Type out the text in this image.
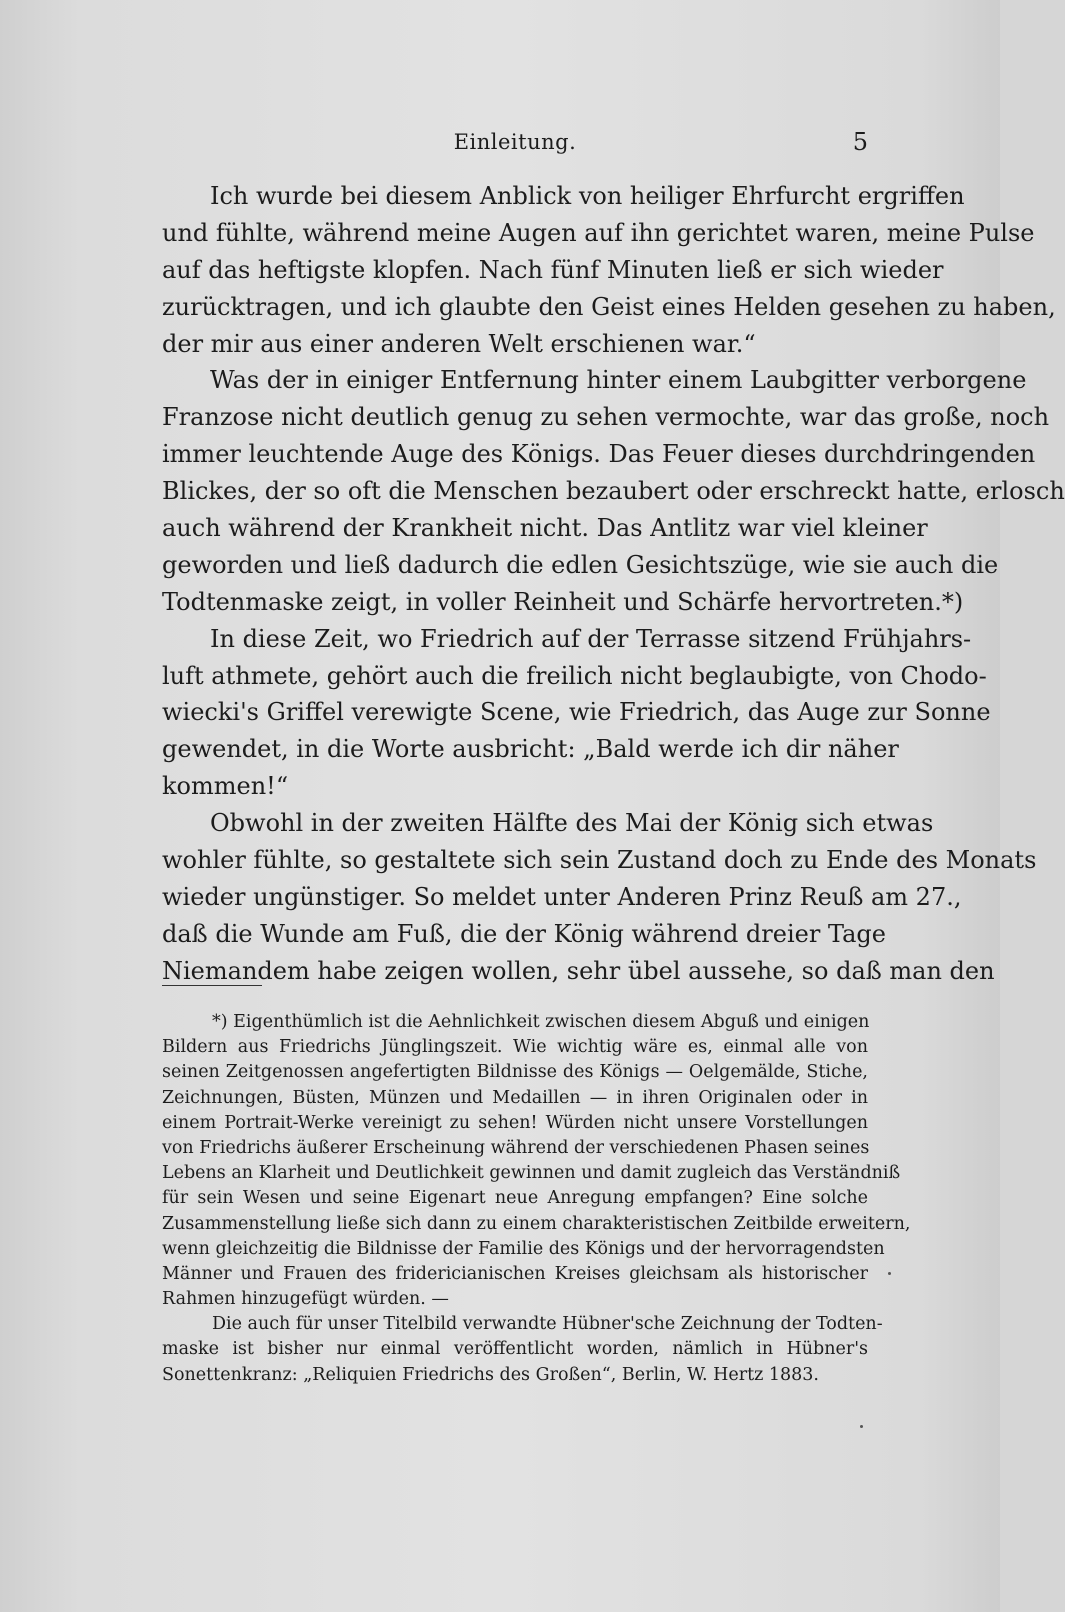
Einleitung.	5
Ich wurde bei diesem Anblick von heiliger Ehrfurcht ergriffen
und fühlte, während meine Augen auf ihn gerichtet waren, meine Pulse
auf das heftigste klopfen. Nach fünf Minuten ließ er sich wieder
zurücktragen, und ich glaubte den Geist eines Helden gesehen zu haben,
der mir aus einer anderen Welt erschienen war.“
Was der in einiger Entfernung hinter einem Laubgitter verborgene
Franzose nicht deutlich genug zu sehen vermochte, war das große, noch
immer leuchtende Auge des Königs. Das Feuer dieses durchdringenden
Blickes, der so oft die Menschen bezaubert oder erschreckt hatte, erlosch
auch während der Krankheit nicht. Das Antlitz war viel kleiner
geworden und ließ dadurch die edlen Gesichtszüge, wie sie auch die
Todtenmaske zeigt, in voller Reinheit und Schärfe hervortreten.*)
In diese Zeit, wo Friedrich auf der Terrasse sitzend Frühjahrs-
luft athmete, gehört auch die freilich nicht beglaubigte, von Chodo-
wiecki's Griffel verewigte Scene, wie Friedrich, das Auge zur Sonne
gewendet, in die Worte ausbricht: „Bald werde ich dir näher
kommen!“
Obwohl in der zweiten Hälfte des Mai der König sich etwas
wohler fühlte, so gestaltete sich sein Zustand doch zu Ende des Monats
wieder ungünstiger. So meldet unter Anderen Prinz Reuß am 27.,
daß die Wunde am Fuß, die der König während dreier Tage
Niemandem habe zeigen wollen, sehr übel aussehe, so daß man den
*) Eigenthümlich ist die Aehnlichkeit zwischen diesem Abguß und einigen
Bildern aus Friedrichs Jünglingszeit. Wie wichtig wäre es, einmal alle von
seinen Zeitgenossen angefertigten Bildnisse des Königs — Oelgemälde, Stiche,
Zeichnungen, Büsten, Münzen und Medaillen — in ihren Originalen oder in
einem Portrait-Werke vereinigt zu sehen! Würden nicht unsere Vorstellungen
von Friedrichs äußerer Erscheinung während der verschiedenen Phasen seines
Lebens an Klarheit und Deutlichkeit gewinnen und damit zugleich das Verständniß
für sein Wesen und seine Eigenart neue Anregung empfangen? Eine solche
Zusammenstellung ließe sich dann zu einem charakteristischen Zeitbilde erweitern,
wenn gleichzeitig die Bildnisse der Familie des Königs und der hervorragendsten
Männer und Frauen des fridericianischen Kreises gleichsam als historischer
Rahmen hinzugefügt würden. —
Die auch für unser Titelbild verwandte Hübner'sche Zeichnung der Todten-
maske ist bisher nur einmal veröffentlicht worden, nämlich in Hübner's
Sonettenkranz: „Reliquien Friedrichs des Großen“, Berlin, W. Hertz 1883.
